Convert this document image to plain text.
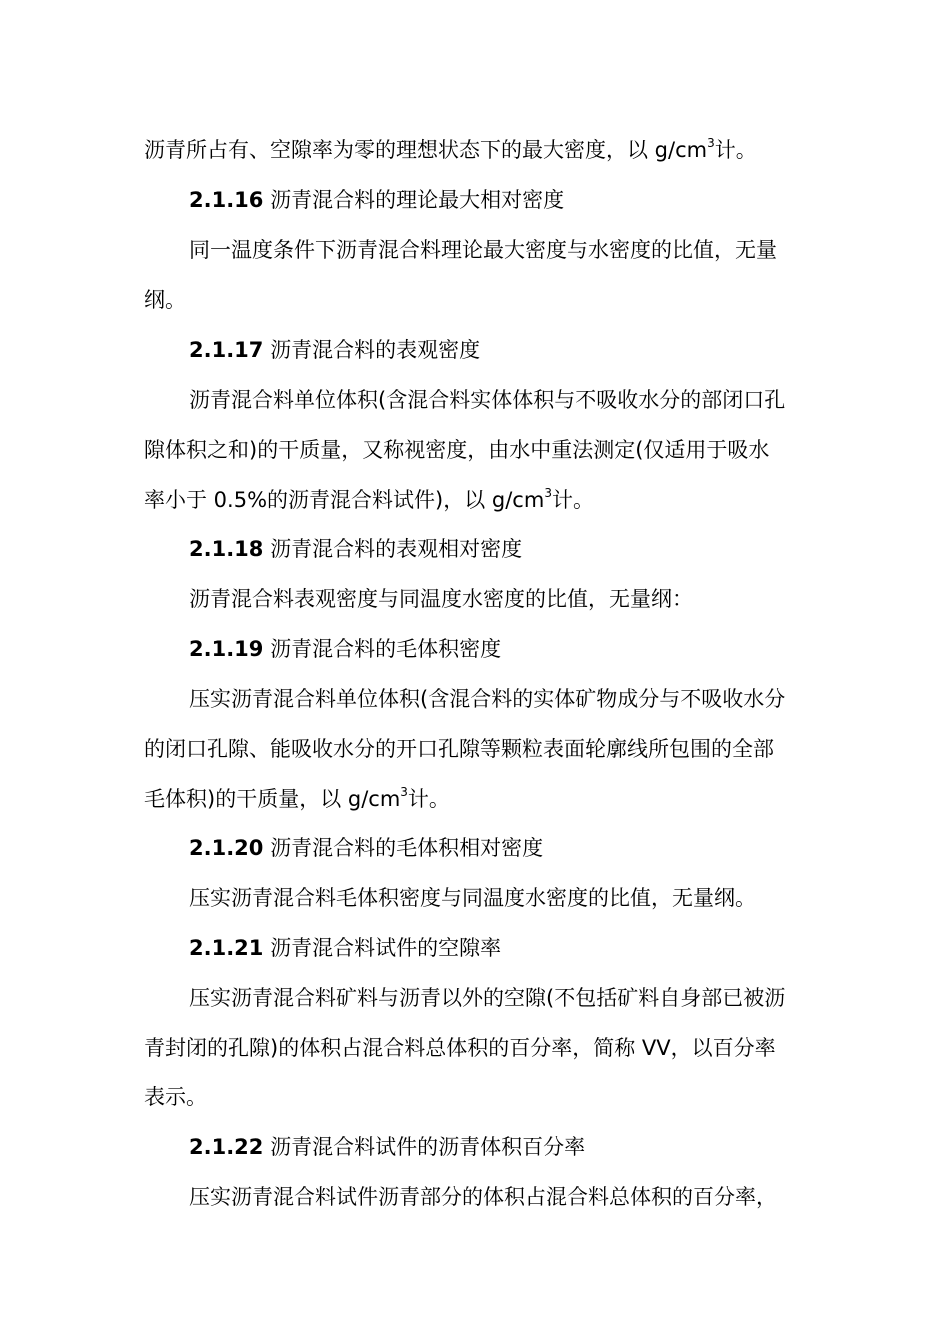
沥青所占有、空隙率为零的理想状态下的最大密度，以 $g/cm^3$计。
2.1.16 沥青混合料的理论最大相对密度
同一温度条件下沥青混合料理论最大密度与水密度的比值，无量
纲。
2.1.17 沥青混合料的表观密度
沥青混合料单位体积(含混合料实体体积与不吸收水分的部闭口孔
隙体积之和)的干质量，又称视密度，由水中重法测定(仅适用于吸水
率小于 0.5%的沥青混合料试件)，以 $g/cm^3$计。
2.1.18 沥青混合料的表观相对密度
沥青混合料表观密度与同温度水密度的比值，无量纲：
2.1.19 沥青混合料的毛体积密度
压实沥青混合料单位体积(含混合料的实体矿物成分与不吸收水分
的闭口孔隙、能吸收水分的开口孔隙等颗粒表面轮廓线所包围的全部
毛体积)的干质量，以 $g/cm^3$计。
2.1.20 沥青混合料的毛体积相对密度
压实沥青混合料毛体积密度与同温度水密度的比值，无量纲。
2.1.21 沥青混合料试件的空隙率
压实沥青混合料矿料与沥青以外的空隙(不包括矿料自身部已被沥
青封闭的孔隙)的体积占混合料总体积的百分率，简称 VV，以百分率
表示。
2.1.22 沥青混合料试件的沥青体积百分率
压实沥青混合料试件沥青部分的体积占混合料总体积的百分率，
